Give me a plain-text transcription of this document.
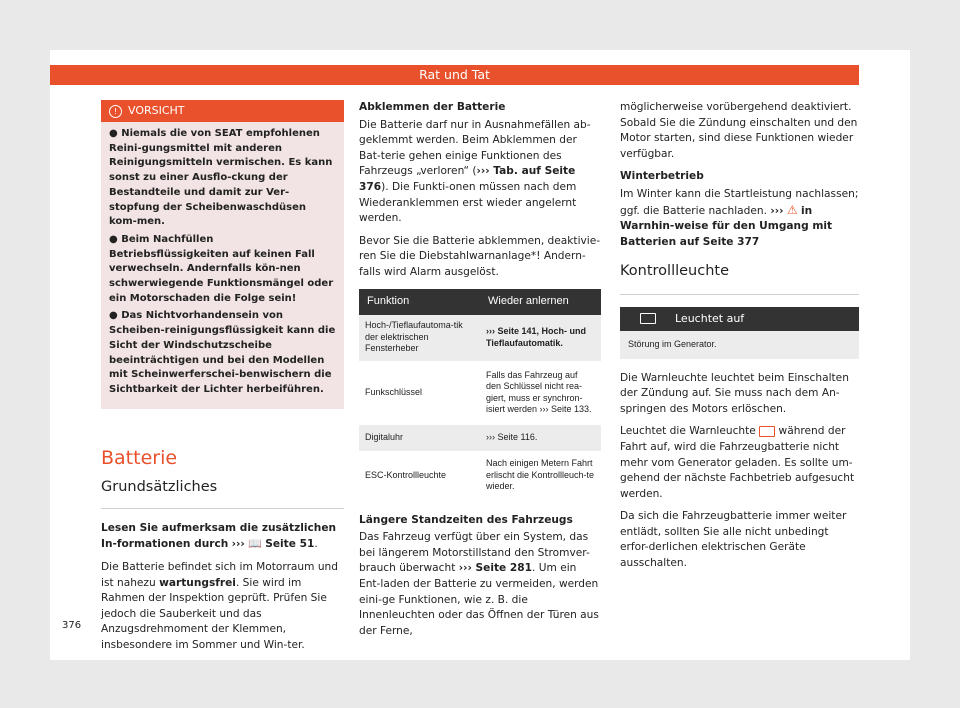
Rat und Tat
! VORSICHT
● Niemals die von SEAT empfohlenen Reini-gungsmittel mit anderen Reinigungsmitteln vermischen. Es kann sonst zu einer Ausflo-ckung der Bestandteile und damit zur Ver-stopfung der Scheibenwaschdüsen kom-men.
● Beim Nachfüllen Betriebsflüssigkeiten auf keinen Fall verwechseln. Andernfalls kön-nen schwerwiegende Funktionsmängel oder ein Motorschaden die Folge sein!
● Das Nichtvorhandensein von Scheiben-reinigungsflüssigkeit kann die Sicht der Windschutzscheibe beeinträchtigen und bei den Modellen mit Scheinwerferschei-benwischern die Sichtbarkeit der Lichter herbeiführen.
Batterie
Grundsätzliches

Lesen Sie aufmerksam die zusätzlichen In-formationen durch ››› 📖 Seite 51.

Die Batterie befindet sich im Motorraum und ist nahezu wartungsfrei. Sie wird im Rahmen der Inspektion geprüft. Prüfen Sie jedoch die Sauberkeit und das Anzugsdrehmoment der Klemmen, insbesondere im Sommer und Win-ter.

Abklemmen der Batterie

Die Batterie darf nur in Ausnahmefällen ab-geklemmt werden. Beim Abklemmen der Bat-terie gehen einige Funktionen des Fahrzeugs „verloren“ (››› Tab. auf Seite 376). Die Funkti-onen müssen nach dem Wiederanklemmen erst wieder angelernt werden.

Bevor Sie die Batterie abklemmen, deaktivie-ren Sie die Diebstahlwarnanlage*! Andern-falls wird Alarm ausgelöst.

Funktion	Wieder anlernen
Hoch-/Tieflaufautoma-tik der elektrischen Fensterheber	››› Seite 141, Hoch- und Tieflaufautomatik.
Funkschlüssel	Falls das Fahrzeug auf den Schlüssel nicht rea-giert, muss er synchron-isiert werden ››› Seite 133.
Digitaluhr	››› Seite 116.
ESC-Kontrollleuchte	Nach einigen Metern Fahrt erlischt die Kontrollleuch-te wieder.

Längere Standzeiten des Fahrzeugs

Das Fahrzeug verfügt über ein System, das bei längerem Motorstillstand den Stromver-brauch überwacht ››› Seite 281. Um ein Ent-laden der Batterie zu vermeiden, werden eini-ge Funktionen, wie z. B. die Innenleuchten oder das Öffnen der Türen aus der Ferne,

möglicherweise vorübergehend deaktiviert. Sobald Sie die Zündung einschalten und den Motor starten, sind diese Funktionen wieder verfügbar.

Winterbetrieb

Im Winter kann die Startleistung nachlassen; ggf. die Batterie nachladen. ››› ⚠ in Warnhin-weise für den Umgang mit Batterien auf Seite 377

Kontrollleuchte
Leuchtet auf
Störung im Generator.

Die Warnleuchte leuchtet beim Einschalten der Zündung auf. Sie muss nach dem An-springen des Motors erlöschen.

Leuchtet die Warnleuchte während der Fahrt auf, wird die Fahrzeugbatterie nicht mehr vom Generator geladen. Es sollte um-gehend der nächste Fachbetrieb aufgesucht werden.

Da sich die Fahrzeugbatterie immer weiter entlädt, sollten Sie alle nicht unbedingt erfor-derlichen elektrischen Geräte ausschalten.

376
